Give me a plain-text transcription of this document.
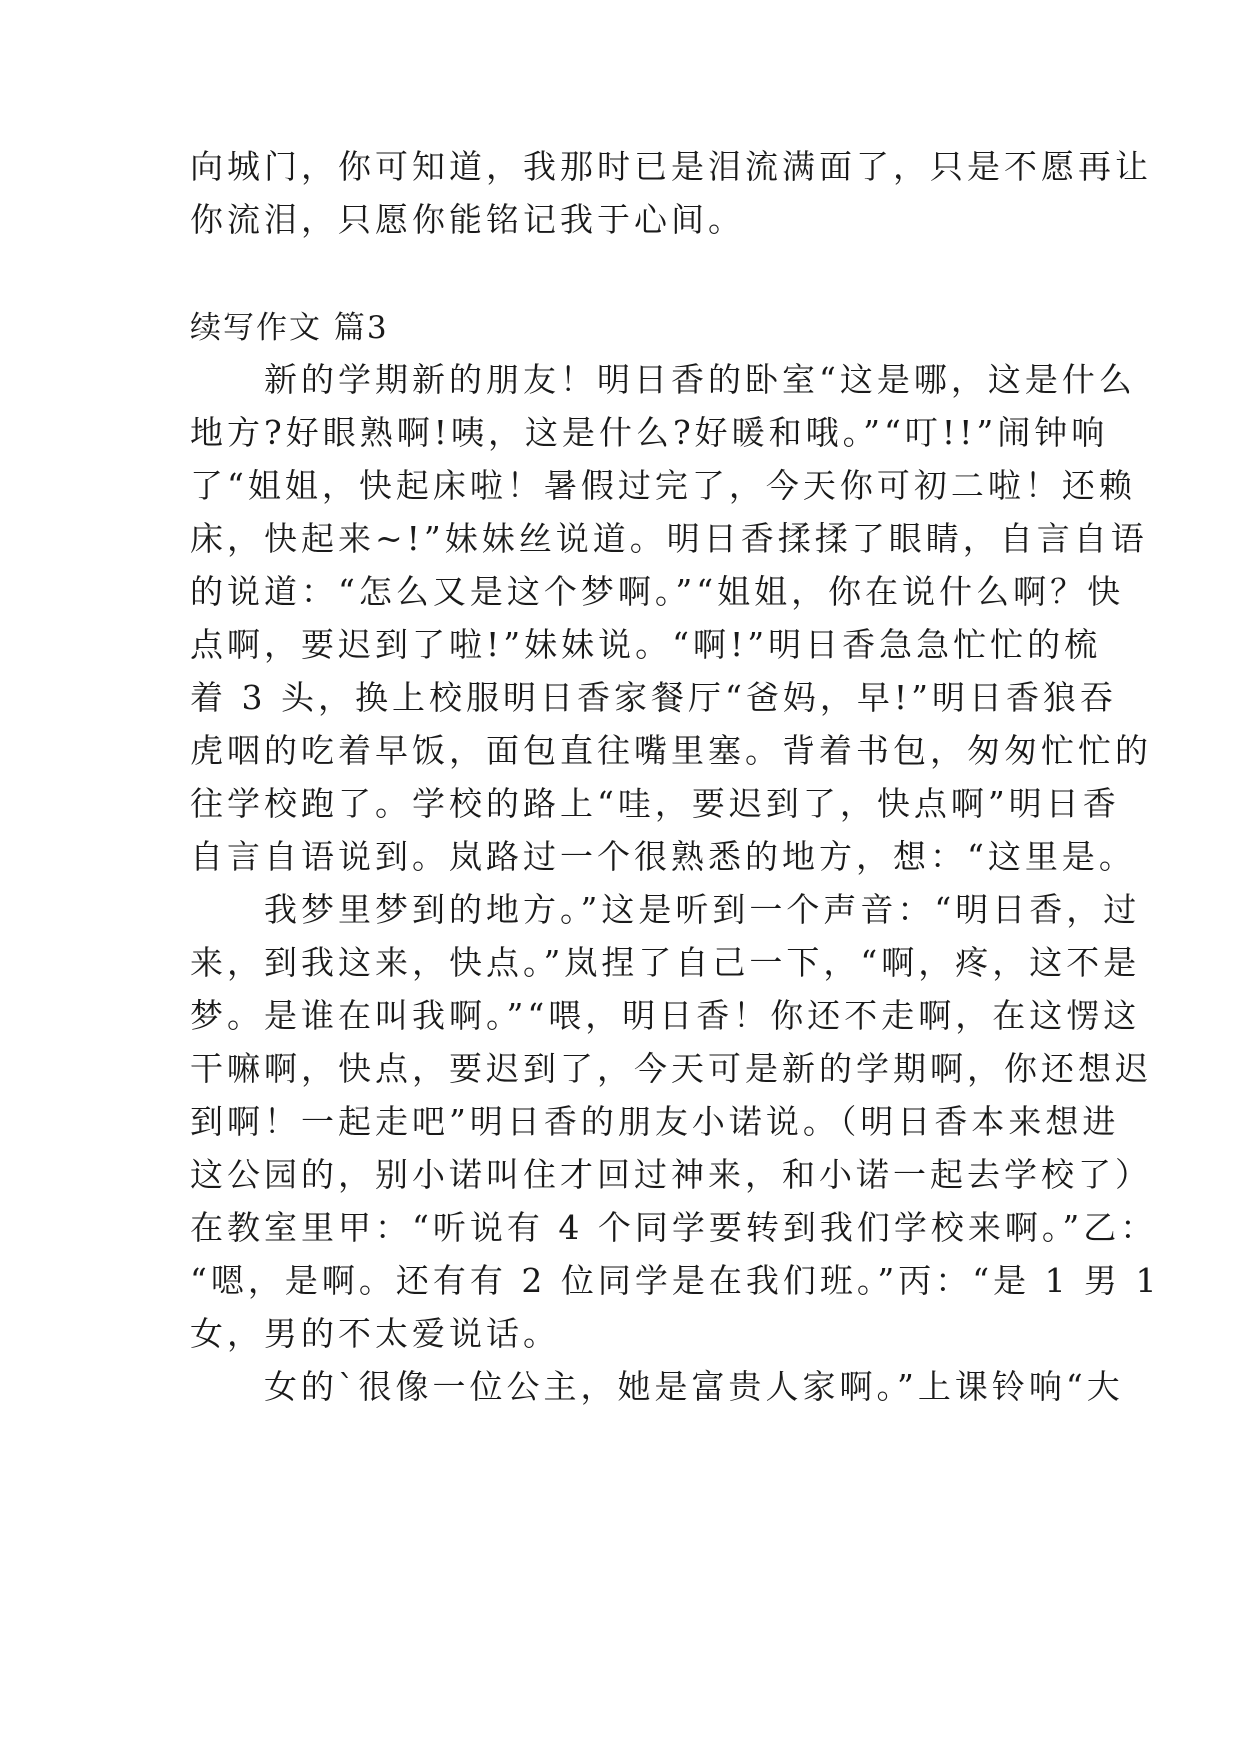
向城门，你可知道，我那时已是泪流满面了，只是不愿再让
你流泪，只愿你能铭记我于心间。
续写作文 篇3
　　新的学期新的朋友！明日香的卧室“这是哪，这是什么
地方?好眼熟啊!咦，这是什么?好暖和哦。”“叮!!”闹钟响
了“姐姐，快起床啦！暑假过完了，今天你可初二啦！还赖
床，快起来~!”妹妹丝说道。明日香揉揉了眼睛，自言自语
的说道：“怎么又是这个梦啊。”“姐姐，你在说什么啊？快
点啊，要迟到了啦!”妹妹说。“啊!”明日香急急忙忙的梳
着 3 头，换上校服明日香家餐厅“爸妈，早!”明日香狼吞
虎咽的吃着早饭，面包直往嘴里塞。背着书包，匆匆忙忙的
往学校跑了。学校的路上“哇，要迟到了，快点啊”明日香
自言自语说到。岚路过一个很熟悉的地方，想：“这里是。
　　我梦里梦到的地方。”这是听到一个声音：“明日香，过
来，到我这来，快点。”岚捏了自己一下，“啊，疼，这不是
梦。是谁在叫我啊。”“喂，明日香！你还不走啊，在这愣这
干嘛啊，快点，要迟到了，今天可是新的学期啊，你还想迟
到啊！一起走吧”明日香的朋友小诺说。（明日香本来想进
这公园的，别小诺叫住才回过神来，和小诺一起去学校了）
在教室里甲：“听说有 4 个同学要转到我们学校来啊。”乙：
“嗯，是啊。还有有 2 位同学是在我们班。”丙：“是 1 男 1
女，男的不太爱说话。
　　女的`很像一位公主，她是富贵人家啊。”上课铃响“大
